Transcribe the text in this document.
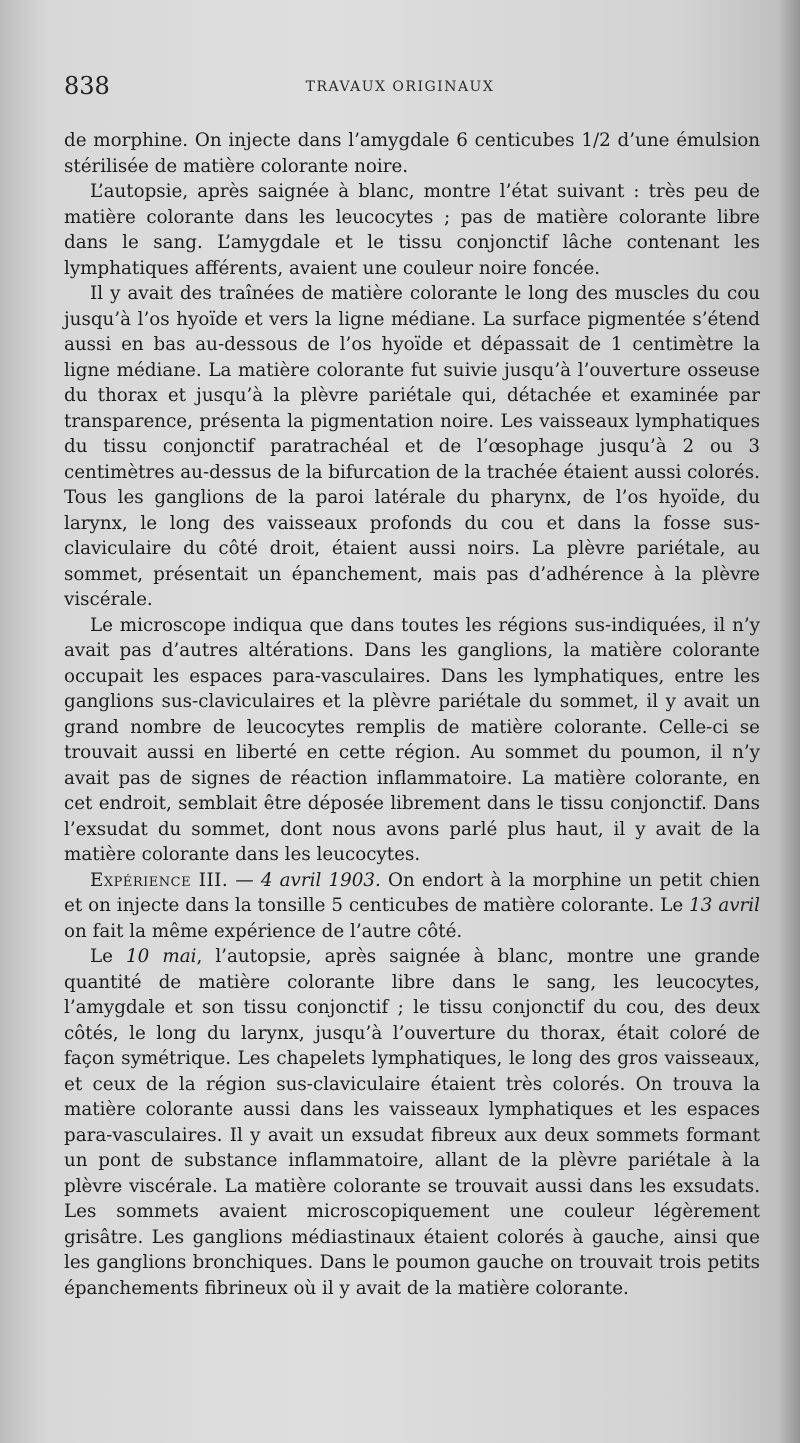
838	TRAVAUX ORIGINAUX

de morphine. On injecte dans l’amygdale 6 centicubes 1/2 d’une émulsion stérilisée de matière colorante noire.

L’autopsie, après saignée à blanc, montre l’état suivant : très peu de matière colorante dans les leucocytes ; pas de matière colorante libre dans le sang. L’amygdale et le tissu conjonctif lâche contenant les lymphatiques afférents, avaient une couleur noire foncée.

Il y avait des traînées de matière colorante le long des muscles du cou jusqu’à l’os hyoïde et vers la ligne médiane. La surface pigmentée s’étend aussi en bas au-dessous de l’os hyoïde et dépassait de 1 centimètre la ligne médiane. La matière colorante fut suivie jusqu’à l’ouverture osseuse du thorax et jusqu’à la plèvre pariétale qui, détachée et examinée par transparence, présenta la pigmentation noire. Les vaisseaux lymphatiques du tissu conjonctif paratrachéal et de l’œsophage jusqu’à 2 ou 3 centimètres au-dessus de la bifurcation de la trachée étaient aussi colorés. Tous les ganglions de la paroi latérale du pharynx, de l’os hyoïde, du larynx, le long des vaisseaux profonds du cou et dans la fosse sus-claviculaire du côté droit, étaient aussi noirs. La plèvre pariétale, au sommet, présentait un épanchement, mais pas d’adhérence à la plèvre viscérale.

Le microscope indiqua que dans toutes les régions sus-indiquées, il n’y avait pas d’autres altérations. Dans les ganglions, la matière colorante occupait les espaces para-vasculaires. Dans les lymphatiques, entre les ganglions sus-claviculaires et la plèvre pariétale du sommet, il y avait un grand nombre de leucocytes remplis de matière colorante. Celle-ci se trouvait aussi en liberté en cette région. Au sommet du poumon, il n’y avait pas de signes de réaction inflammatoire. La matière colorante, en cet endroit, semblait être déposée librement dans le tissu conjonctif. Dans l’exsudat du sommet, dont nous avons parlé plus haut, il y avait de la matière colorante dans les leucocytes.

Expérience III. — 4 avril 1903. On endort à la morphine un petit chien et on injecte dans la tonsille 5 centicubes de matière colorante. Le 13 avril on fait la même expérience de l’autre côté.

Le 10 mai, l’autopsie, après saignée à blanc, montre une grande quantité de matière colorante libre dans le sang, les leucocytes, l’amygdale et son tissu conjonctif ; le tissu conjonctif du cou, des deux côtés, le long du larynx, jusqu’à l’ouverture du thorax, était coloré de façon symétrique. Les chapelets lymphatiques, le long des gros vaisseaux, et ceux de la région sus-claviculaire étaient très colorés. On trouva la matière colorante aussi dans les vaisseaux lymphatiques et les espaces para-vasculaires. Il y avait un exsudat fibreux aux deux sommets formant un pont de substance inflammatoire, allant de la plèvre pariétale à la plèvre viscérale. La matière colorante se trouvait aussi dans les exsudats. Les sommets avaient microscopiquement une couleur légèrement grisâtre. Les ganglions médiastinaux étaient colorés à gauche, ainsi que les ganglions bronchiques. Dans le poumon gauche on trouvait trois petits épanchements fibrineux où il y avait de la matière colorante.
